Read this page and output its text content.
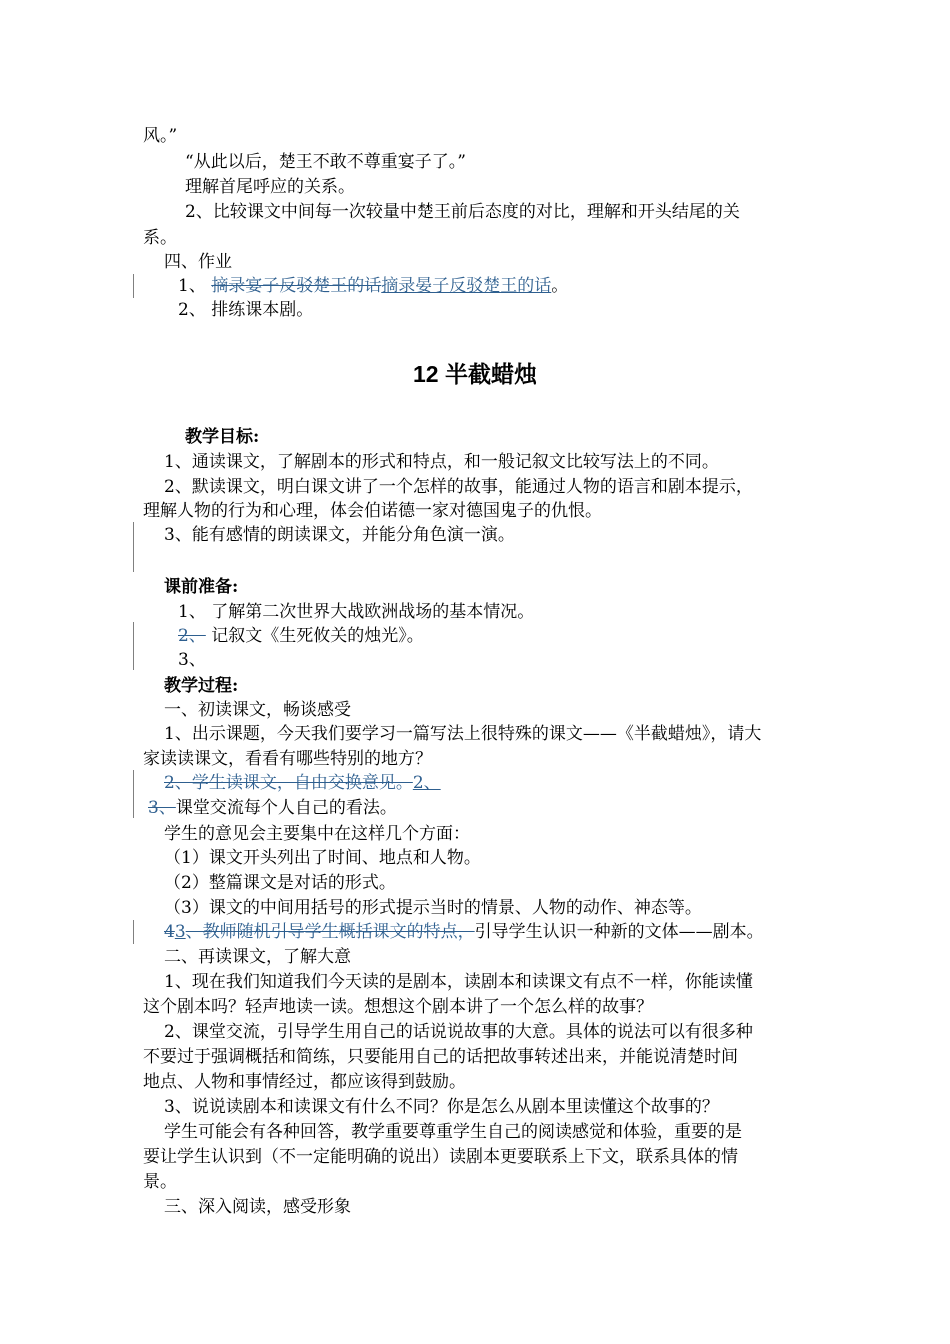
风。”
“从此以后，楚王不敢不尊重宴子了。”
理解首尾呼应的关系。
2、比较课文中间每一次较量中楚王前后态度的对比，理解和开头结尾的关
系。
四、作业
1、 摘录宴子反驳楚王的话摘录晏子反驳楚王的话。
2、 排练课本剧。
12 半截蜡烛
教学目标:
1、通读课文，了解剧本的形式和特点，和一般记叙文比较写法上的不同。
2、默读课文，明白课文讲了一个怎样的故事，能通过人物的语言和剧本提示，
理解人物的行为和心理，体会伯诺德一家对德国鬼子的仇恨。
3、能有感情的朗读课文，并能分角色演一演。
课前准备:
1、 了解第二次世界大战欧洲战场的基本情况。
2、 记叙文《生死攸关的烛光》。
3、
教学过程:
一、初读课文，畅谈感受
1、出示课题，今天我们要学习一篇写法上很特殊的课文——《半截蜡烛》，请大
家读读课文，看看有哪些特别的地方？
2、学生读课文，自由交换意见。2、
3、课堂交流每个人自己的看法。
学生的意见会主要集中在这样几个方面：
（1）课文开头列出了时间、地点和人物。
（2）整篇课文是对话的形式。
（3）课文的中间用括号的形式提示当时的情景、人物的动作、神态等。
43、教师随机引导学生概括课文的特点，引导学生认识一种新的文体——剧本。
二、再读课文，了解大意
1、现在我们知道我们今天读的是剧本，读剧本和读课文有点不一样，你能读懂
这个剧本吗？轻声地读一读。想想这个剧本讲了一个怎么样的故事？
2、课堂交流，引导学生用自己的话说说故事的大意。具体的说法可以有很多种
不要过于强调概括和简练，只要能用自己的话把故事转述出来，并能说清楚时间
地点、人物和事情经过，都应该得到鼓励。
3、说说读剧本和读课文有什么不同？你是怎么从剧本里读懂这个故事的？
学生可能会有各种回答，教学重要尊重学生自己的阅读感觉和体验，重要的是
要让学生认识到（不一定能明确的说出）读剧本更要联系上下文，联系具体的情
景。
三、深入阅读，感受形象
